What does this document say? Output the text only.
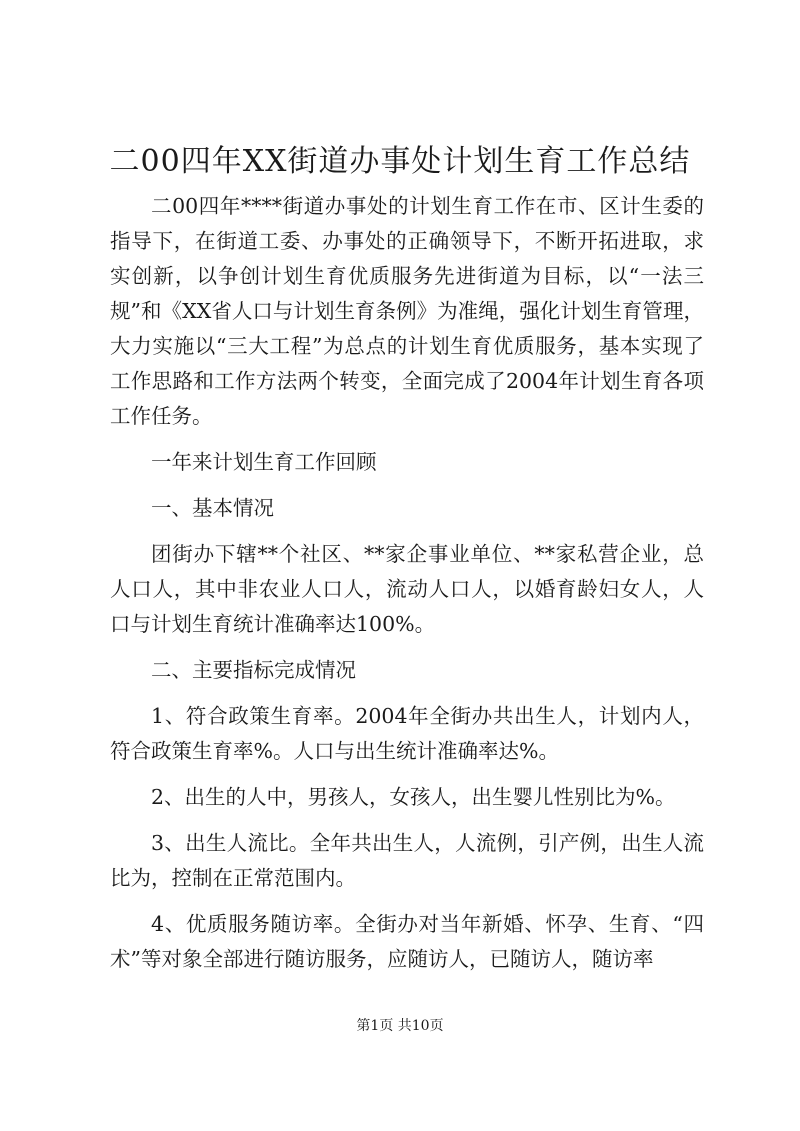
二00四年XX街道办事处计划生育工作总结

二00四年****街道办事处的计划生育工作在市、区计生委的指导下，在街道工委、办事处的正确领导下，不断开拓进取，求实创新，以争创计划生育优质服务先进街道为目标，以“一法三规”和《XX省人口与计划生育条例》为准绳，强化计划生育管理，大力实施以“三大工程”为总点的计划生育优质服务，基本实现了工作思路和工作方法两个转变，全面完成了2004年计划生育各项工作任务。

一年来计划生育工作回顾

一、基本情况

团街办下辖**个社区、**家企事业单位、**家私营企业，总人口人，其中非农业人口人，流动人口人，以婚育龄妇女人，人口与计划生育统计准确率达100%。

二、主要指标完成情况

1、符合政策生育率。2004年全街办共出生人，计划内人，符合政策生育率%。人口与出生统计准确率达%。

2、出生的人中，男孩人，女孩人，出生婴儿性别比为%。

3、出生人流比。全年共出生人，人流例，引产例，出生人流比为，控制在正常范围内。

4、优质服务随访率。全街办对当年新婚、怀孕、生育、“四术”等对象全部进行随访服务，应随访人，已随访人，随访率

第1页 共10页
